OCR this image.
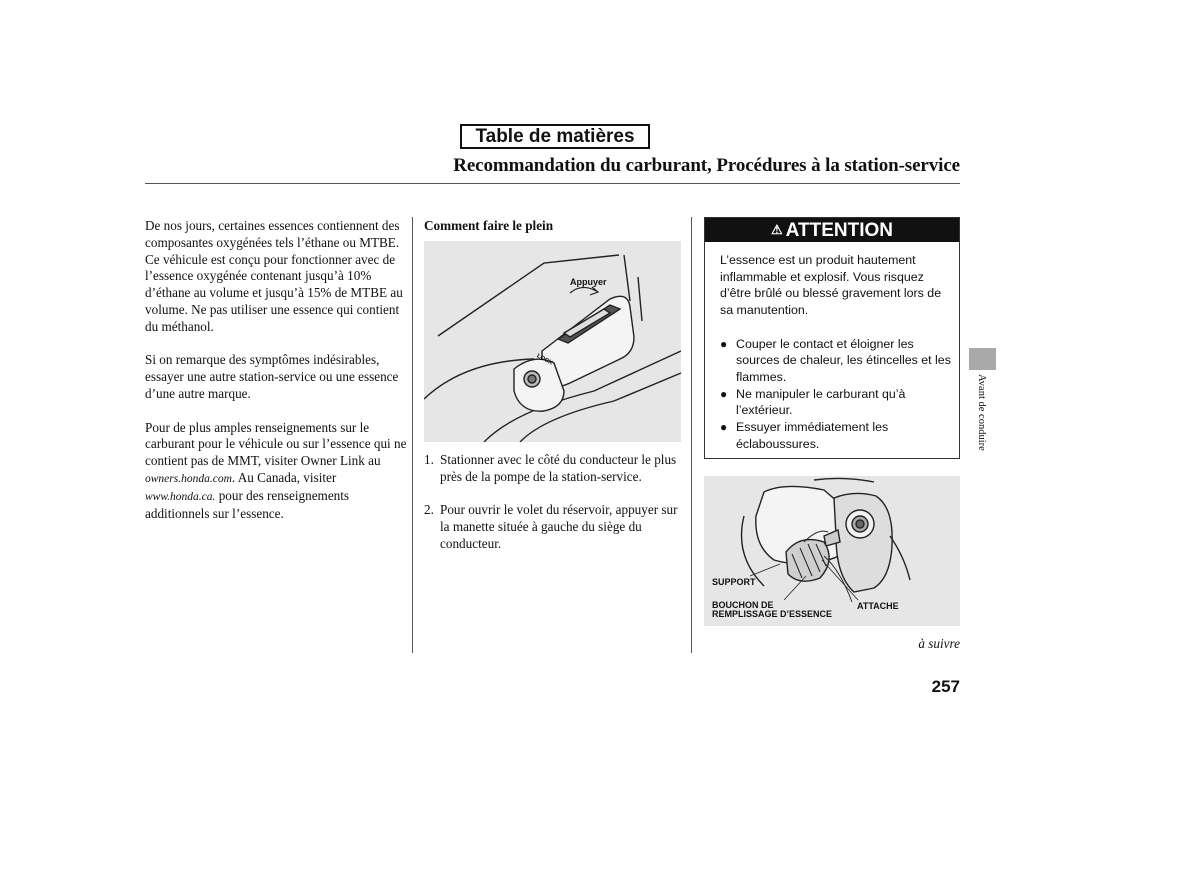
Table de matières
Recommandation du carburant, Procédures à la station-service

De nos jours, certaines essences contiennent des composantes oxygénées tels l’éthane ou MTBE. Ce véhicule est conçu pour fonctionner avec de l’essence oxygénée contenant jusqu’à 10% d’éthane au volume et jusqu’à 15% de MTBE au volume. Ne pas utiliser une essence qui contient du méthanol.

Si on remarque des symptômes indésirables, essayer une autre station-service ou une essence d’une autre marque.

Pour de plus amples renseignements sur le carburant pour le véhicule ou sur l’essence qui ne contient pas de MMT, visiter Owner Link au owners.honda.com. Au Canada, visiter www.honda.ca. pour des renseignements additionnels sur l’essence.

Comment faire le plein
Appuyer
LOCK
1. Stationner avec le côté du conducteur le plus près de la pompe de la station-service.
2. Pour ouvrir le volet du réservoir, appuyer sur la manette située à gauche du siège du conducteur.
⚠ ATTENTION

L’essence est un produit hautement inflammable et explosif. Vous risquez d’être brûlé ou blessé gravement lors de sa manutention.

● Couper le contact et éloigner les sources de chaleur, les étincelles et les flammes.
● Ne manipuler le carburant qu’à l’extérieur.
● Essuyer immédiatement les éclaboussures.
SUPPORT
BOUCHON DE
REMPLISSAGE D’ESSENCE
ATTACHE
Avant de conduire
à suivre
257
